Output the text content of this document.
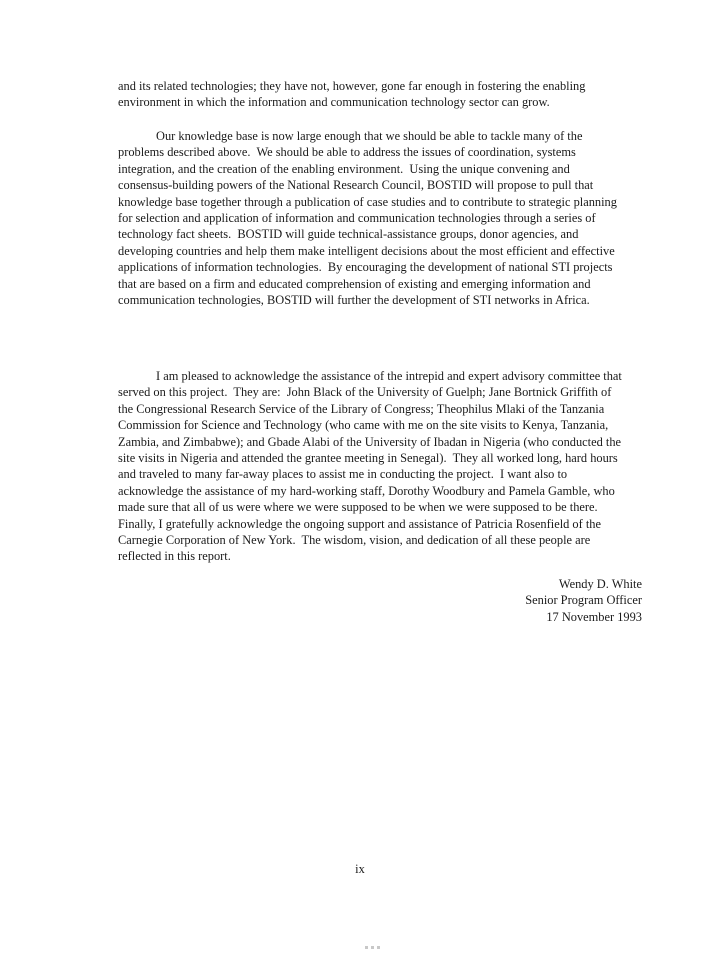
and its related technologies; they have not, however, gone far enough in fostering the enabling
environment in which the information and communication technology sector can grow.

Our knowledge base is now large enough that we should be able to tackle many of the
problems described above.  We should be able to address the issues of coordination, systems
integration, and the creation of the enabling environment.  Using the unique convening and
consensus-building powers of the National Research Council, BOSTID will propose to pull that
knowledge base together through a publication of case studies and to contribute to strategic planning
for selection and application of information and communication technologies through a series of
technology fact sheets.  BOSTID will guide technical-assistance groups, donor agencies, and
developing countries and help them make intelligent decisions about the most efficient and effective
applications of information technologies.  By encouraging the development of national STI projects
that are based on a firm and educated comprehension of existing and emerging information and
communication technologies, BOSTID will further the development of STI networks in Africa.

I am pleased to acknowledge the assistance of the intrepid and expert advisory committee that
served on this project.  They are:  John Black of the University of Guelph; Jane Bortnick Griffith of
the Congressional Research Service of the Library of Congress; Theophilus Mlaki of the Tanzania
Commission for Science and Technology (who came with me on the site visits to Kenya, Tanzania,
Zambia, and Zimbabwe); and Gbade Alabi of the University of Ibadan in Nigeria (who conducted the
site visits in Nigeria and attended the grantee meeting in Senegal).  They all worked long, hard hours
and traveled to many far-away places to assist me in conducting the project.  I want also to
acknowledge the assistance of my hard-working staff, Dorothy Woodbury and Pamela Gamble, who
made sure that all of us were where we were supposed to be when we were supposed to be there.
Finally, I gratefully acknowledge the ongoing support and assistance of Patricia Rosenfield of the
Carnegie Corporation of New York.  The wisdom, vision, and dedication of all these people are
reflected in this report.

Wendy D. White
Senior Program Officer
17 November 1993
ix
